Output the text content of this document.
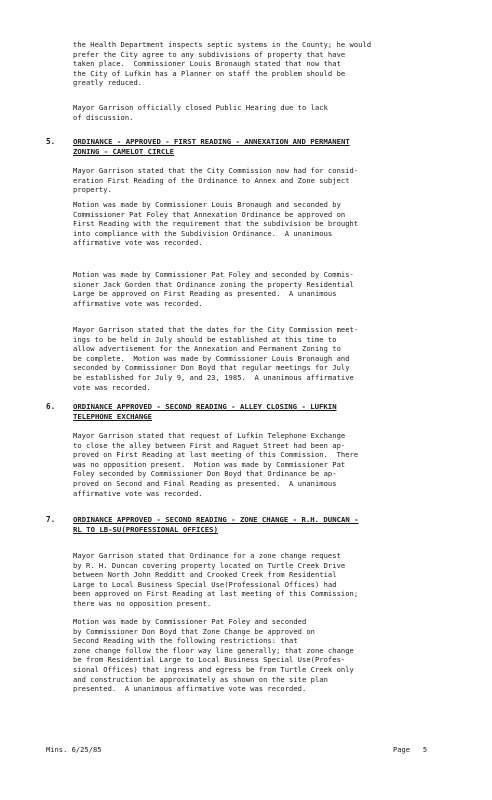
the Health Department inspects septic systems in the County; he would
prefer the City agree to any subdivisions of property that have
taken place.  Commissioner Louis Bronaugh stated that now that
the City of Lufkin has a Planner on staff the problem should be
greatly reduced.

Mayor Garrison officially closed Public Hearing due to lack
of discussion.

5. ORDINANCE - APPROVED - FIRST READING - ANNEXATION AND PERMANENT
ZONING - CAMELOT CIRCLE

Mayor Garrison stated that the City Commission now had for consid-
eration First Reading of the Ordinance to Annex and Zone subject
property.

Motion was made by Commissioner Louis Bronaugh and seconded by
Commissioner Pat Foley that Annexation Ordinance be approved on
First Reading with the requirement that the subdivision be brought
into compliance with the Subdivision Ordinance.  A unanimous
affirmative vote was recorded.

Motion was made by Commissioner Pat Foley and seconded by Commis-
sioner Jack Gorden that Ordinance zoning the property Residential
Large be approved on First Reading as presented.  A unanimous
affirmative vote was recorded.

Mayor Garrison stated that the dates for the City Commission meet-
ings to be held in July should be established at this time to
allow advertisement for the Annexation and Permanent Zoning to
be complete.  Motion was made by Commissioner Louis Bronaugh and
seconded by Commissioner Don Boyd that regular meetings for July
be established for July 9, and 23, 1985.  A unanimous affirmative
vote was recorded.

6. ORDINANCE APPROVED - SECOND READING - ALLEY CLOSING - LUFKIN
TELEPHONE EXCHANGE

Mayor Garrison stated that request of Lufkin Telephone Exchange
to close the alley between First and Raguet Street had been ap-
proved on First Reading at last meeting of this Commission.  There
was no opposition present.  Motion was made by Commissioner Pat
Foley seconded by Commissioner Don Boyd that Ordinance be ap-
proved on Second and Final Reading as presented.  A unanimous
affirmative vote was recorded.

7. ORDINANCE APPROVED - SECOND READING - ZONE CHANGE - R.H. DUNCAN -
RL TO LB-SU(PROFESSIONAL OFFICES)

Mayor Garrison stated that Ordinance for a zone change request
by R. H. Duncan covering property located on Turtle Creek Drive
between North John Redditt and Crooked Creek from Residential
Large to Local Business Special Use(Professional Offices) had
been approved on First Reading at last meeting of this Commission;
there was no opposition present.

Motion was made by Commissioner Pat Foley and seconded
by Commissioner Don Boyd that Zone Change be approved on
Second Reading with the following restrictions: that
zone change follow the floor way line generally; that zone change
be from Residential Large to Local Business Special Use(Profes-
sional Offices) that ingress and egress be from Turtle Creek only
and construction be approximately as shown on the site plan
presented.  A unanimous affirmative vote was recorded.

Mins. 6/25/85	Page   5
